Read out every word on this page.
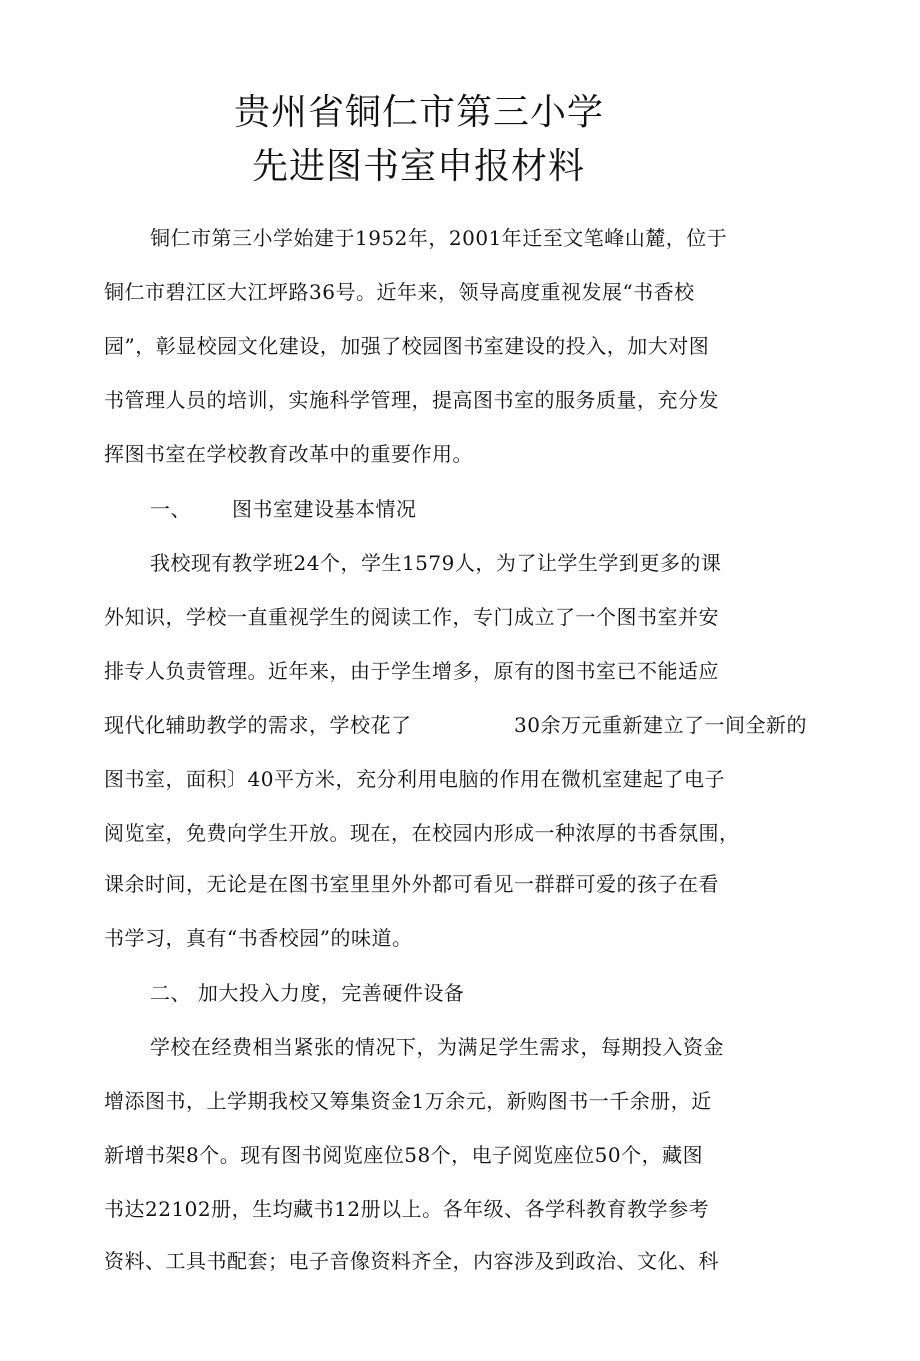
贵州省铜仁市第三小学
先进图书室申报材料

铜仁市第三小学始建于1952年，2001年迁至文笔峰山麓，位于

铜仁市碧江区大江坪路36号。近年来，领导高度重视发展“书香校

园”，彰显校园文化建设，加强了校园图书室建设的投入，加大对图

书管理人员的培训，实施科学管理，提高图书室的服务质量，充分发

挥图书室在学校教育改革中的重要作用。

一、 图书室建设基本情况

我校现有教学班24个，学生1579人，为了让学生学到更多的课

外知识，学校一直重视学生的阅读工作，专门成立了一个图书室并安

排专人负责管理。近年来，由于学生增多，原有的图书室已不能适应

现代化辅助教学的需求，学校花了	30余万元重新建立了一间全新的

图书室，面积〕40平方米，充分利用电脑的作用在微机室建起了电子

阅览室，免费向学生开放。现在，在校园内形成一种浓厚的书香氛围，

课余时间，无论是在图书室里里外外都可看见一群群可爱的孩子在看

书学习，真有“书香校园”的味道。

二、 加大投入力度，完善硬件设备

学校在经费相当紧张的情况下，为满足学生需求，每期投入资金

增添图书，上学期我校又筹集资金1万余元，新购图书一千余册，近

新增书架8个。现有图书阅览座位58个，电子阅览座位50个，藏图

书达22102册，生均藏书12册以上。各年级、各学科教育教学参考

资料、工具书配套；电子音像资料齐全，内容涉及到政治、文化、科
